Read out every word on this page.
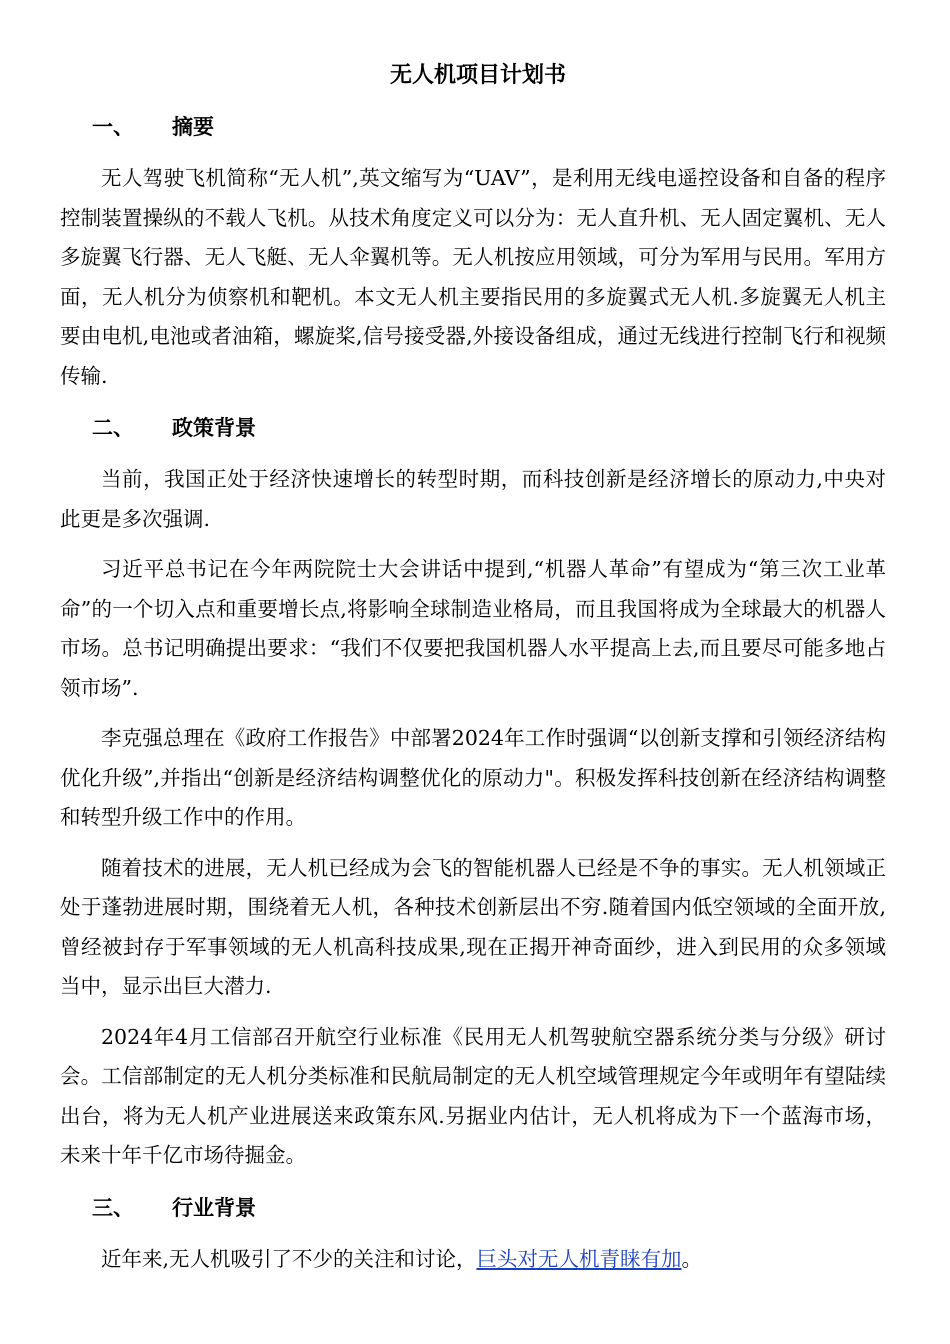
无人机项目计划书
一、	摘要

无人驾驶飞机简称“无人机”,英文缩写为“UAV”，是利用无线电遥控设备和自备的程序控制装置操纵的不载人飞机。从技术角度定义可以分为：无人直升机、无人固定翼机、无人多旋翼飞行器、无人飞艇、无人伞翼机等。无人机按应用领域，可分为军用与民用。军用方面，无人机分为侦察机和靶机。本文无人机主要指民用的多旋翼式无人机.多旋翼无人机主要由电机,电池或者油箱，螺旋桨,信号接受器,外接设备组成，通过无线进行控制飞行和视频传输.

二、	政策背景

当前，我国正处于经济快速增长的转型时期，而科技创新是经济增长的原动力,中央对此更是多次强调.

习近平总书记在今年两院院士大会讲话中提到,“机器人革命”有望成为“第三次工业革命”的一个切入点和重要增长点,将影响全球制造业格局，而且我国将成为全球最大的机器人市场。总书记明确提出要求：“我们不仅要把我国机器人水平提高上去,而且要尽可能多地占领市场”.

李克强总理在《政府工作报告》中部署2024年工作时强调“以创新支撑和引领经济结构优化升级”,并指出“创新是经济结构调整优化的原动力"。积极发挥科技创新在经济结构调整和转型升级工作中的作用。

随着技术的进展，无人机已经成为会飞的智能机器人已经是不争的事实。无人机领域正处于蓬勃进展时期，围绕着无人机，各种技术创新层出不穷.随着国内低空领域的全面开放,曾经被封存于军事领域的无人机高科技成果,现在正揭开神奇面纱，进入到民用的众多领域当中，显示出巨大潜力.

2024年4月工信部召开航空行业标准《民用无人机驾驶航空器系统分类与分级》研讨会。工信部制定的无人机分类标准和民航局制定的无人机空域管理规定今年或明年有望陆续出台，将为无人机产业进展送来政策东风.另据业内估计，无人机将成为下一个蓝海市场，未来十年千亿市场待掘金。

三、	行业背景

近年来,无人机吸引了不少的关注和讨论，巨头对无人机青睐有加。
